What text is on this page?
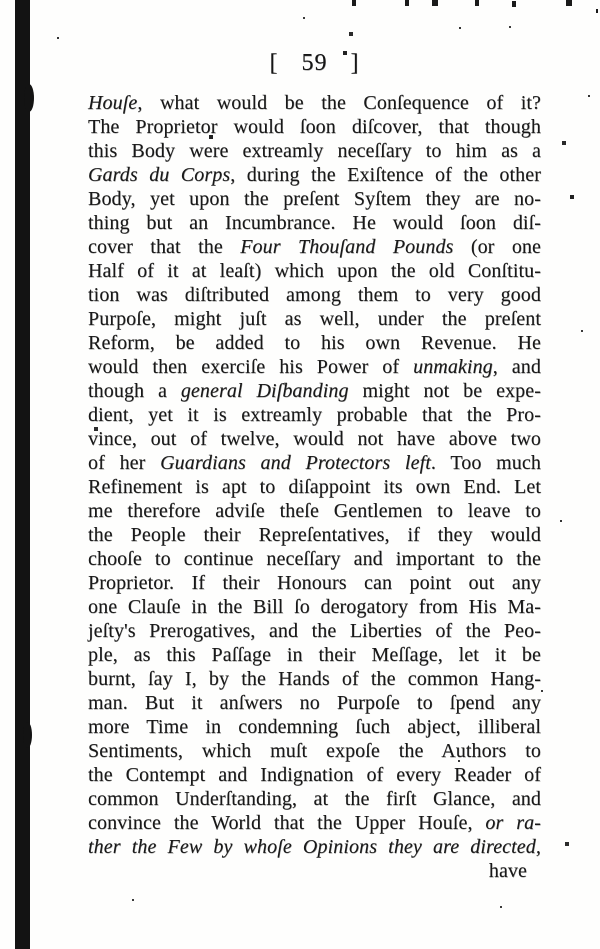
[ 59 ]
Houſe, what would be the Conſequence of it?
The Proprietor would ſoon diſcover, that though
this Body were extreamly neceſſary to him as a
Gards du Corps, during the Exiſtence of the other
Body, yet upon the preſent Syſtem they are no-
thing but an Incumbrance. He would ſoon diſ-
cover that the Four Thouſand Pounds (or one
Half of it at leaſt) which upon the old Conſtitu-
tion was diſtributed among them to very good
Purpoſe, might juſt as well, under the preſent
Reform, be added to his own Revenue. He
would then exerciſe his Power of unmaking, and
though a general Diſbanding might not be expe-
dient, yet it is extreamly probable that the Pro-
vince, out of twelve, would not have above two
of her Guardians and Protectors left. Too much
Refinement is apt to diſappoint its own End. Let
me therefore adviſe theſe Gentlemen to leave to
the People their Repreſentatives, if they would
chooſe to continue neceſſary and important to the
Proprietor. If their Honours can point out any
one Clauſe in the Bill ſo derogatory from His Ma-
jeſty's Prerogatives, and the Liberties of the Peo-
ple, as this Paſſage in their Meſſage, let it be
burnt, ſay I, by the Hands of the common Hang-
man. But it anſwers no Purpoſe to ſpend any
more Time in condemning ſuch abject, illiberal
Sentiments, which muſt expoſe the Authors to
the Contempt and Indignation of every Reader of
common Underſtanding, at the firſt Glance, and
convince the World that the Upper Houſe, or ra-
ther the Few by whoſe Opinions they are directed,
have
